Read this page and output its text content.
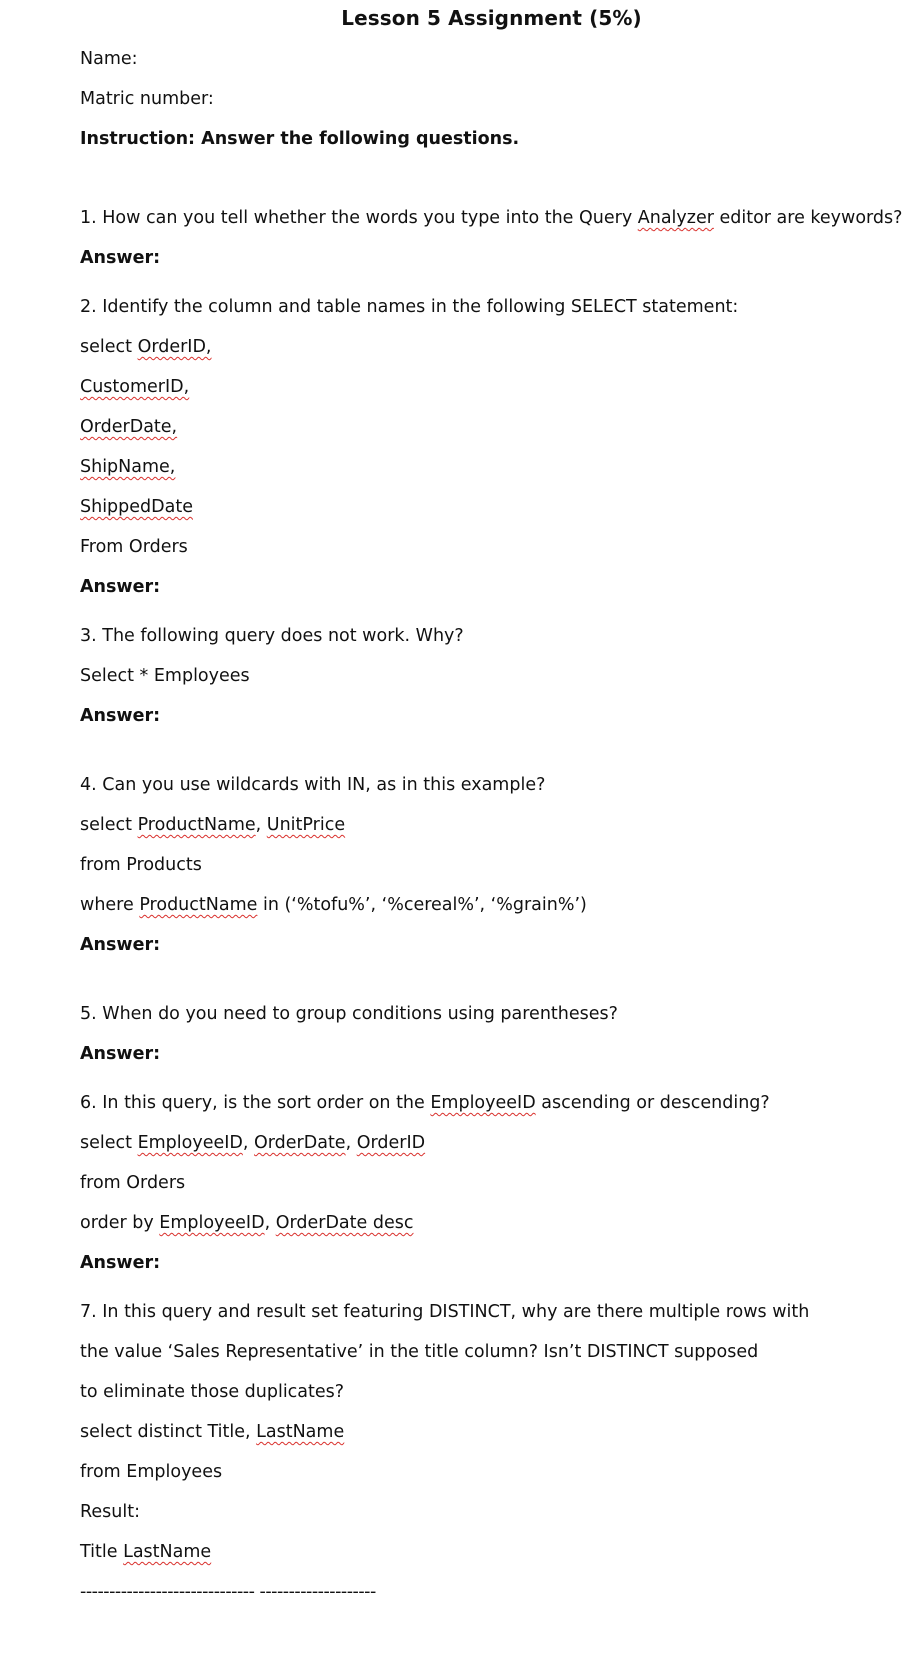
Lesson 5 Assignment (5%)
Name:
Matric number:
Instruction: Answer the following questions.
1. How can you tell whether the words you type into the Query Analyzer editor are keywords?
Answer:
2. Identify the column and table names in the following SELECT statement:
select OrderID,
CustomerID,
OrderDate,
ShipName,
ShippedDate
From Orders
Answer:
3. The following query does not work. Why?
Select * Employees
Answer:
4. Can you use wildcards with IN, as in this example?
select ProductName, UnitPrice
from Products
where ProductName in (‘%tofu%’, ‘%cereal%’, ‘%grain%’)
Answer:
5. When do you need to group conditions using parentheses?
Answer:
6. In this query, is the sort order on the EmployeeID ascending or descending?
select EmployeeID, OrderDate, OrderID
from Orders
order by EmployeeID, OrderDate desc
Answer:
7. In this query and result set featuring DISTINCT, why are there multiple rows with
the value ‘Sales Representative’ in the title column? Isn’t DISTINCT supposed
to eliminate those duplicates?
select distinct Title, LastName
from Employees
Result:
Title LastName
------------------------------ --------------------
